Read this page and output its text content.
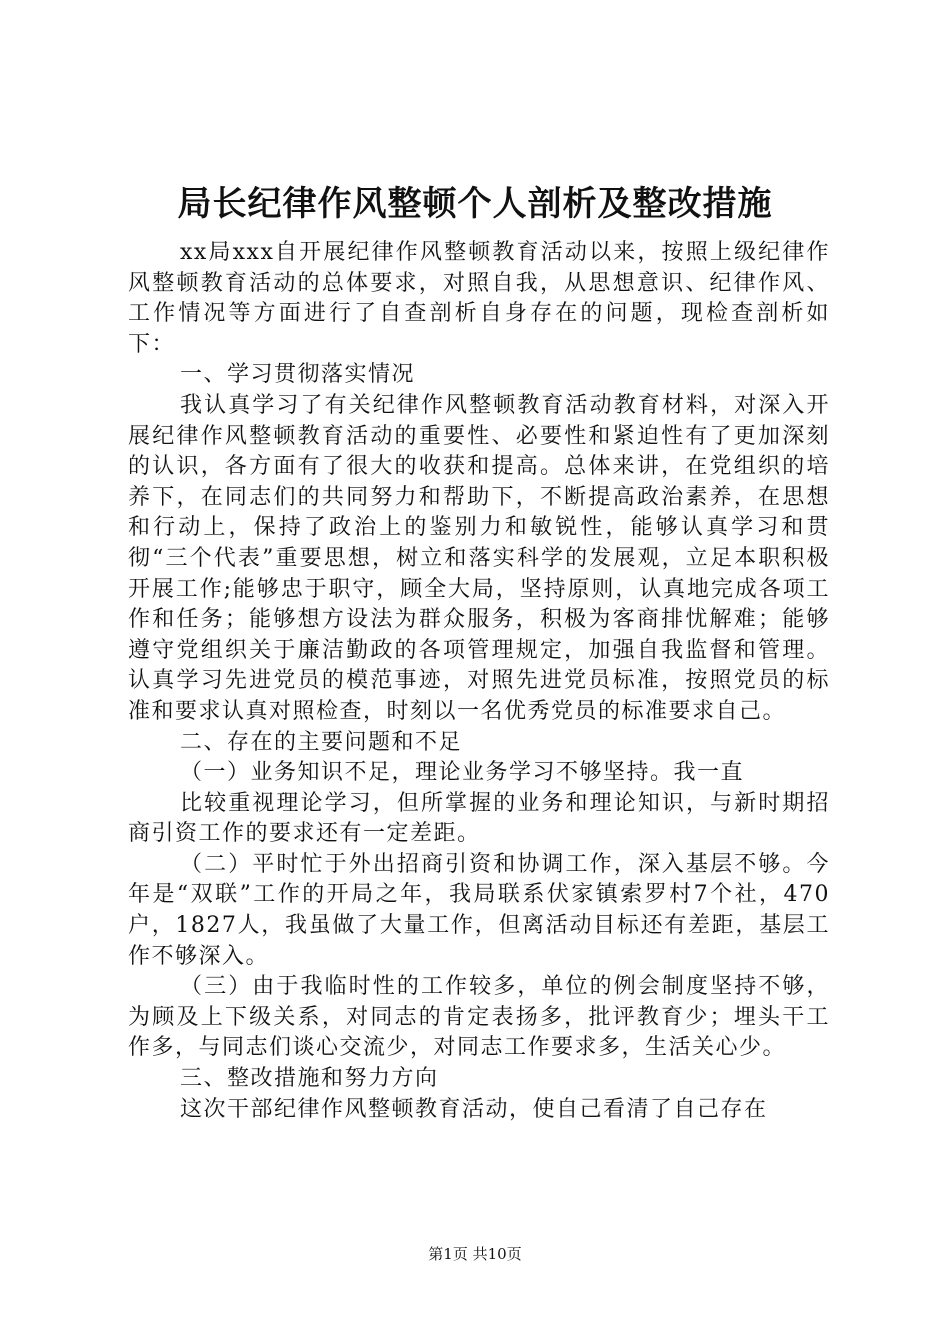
局长纪律作风整顿个人剖析及整改措施

xx局xxx自开展纪律作风整顿教育活动以来，按照上级纪律作风整顿教育活动的总体要求，对照自我，从思想意识、纪律作风、工作情况等方面进行了自查剖析自身存在的问题，现检查剖析如下：

一、学习贯彻落实情况

我认真学习了有关纪律作风整顿教育活动教育材料，对深入开展纪律作风整顿教育活动的重要性、必要性和紧迫性有了更加深刻的认识，各方面有了很大的收获和提高。总体来讲，在党组织的培养下，在同志们的共同努力和帮助下，不断提高政治素养，在思想和行动上，保持了政治上的鉴别力和敏锐性，能够认真学习和贯彻“三个代表”重要思想，树立和落实科学的发展观，立足本职积极开展工作;能够忠于职守，顾全大局，坚持原则，认真地完成各项工作和任务；能够想方设法为群众服务，积极为客商排忧解难；能够遵守党组织关于廉洁勤政的各项管理规定，加强自我监督和管理。认真学习先进党员的模范事迹，对照先进党员标准，按照党员的标准和要求认真对照检查，时刻以一名优秀党员的标准要求自己。

二、存在的主要问题和不足

（一）业务知识不足，理论业务学习不够坚持。我一直

比较重视理论学习，但所掌握的业务和理论知识，与新时期招商引资工作的要求还有一定差距。

（二）平时忙于外出招商引资和协调工作，深入基层不够。今年是“双联”工作的开局之年，我局联系伏家镇索罗村7个社，470户，1827人，我虽做了大量工作，但离活动目标还有差距，基层工作不够深入。

（三）由于我临时性的工作较多，单位的例会制度坚持不够，为顾及上下级关系，对同志的肯定表扬多，批评教育少；埋头干工作多，与同志们谈心交流少，对同志工作要求多，生活关心少。

三、整改措施和努力方向

这次干部纪律作风整顿教育活动，使自己看清了自己存在

第1页 共10页
